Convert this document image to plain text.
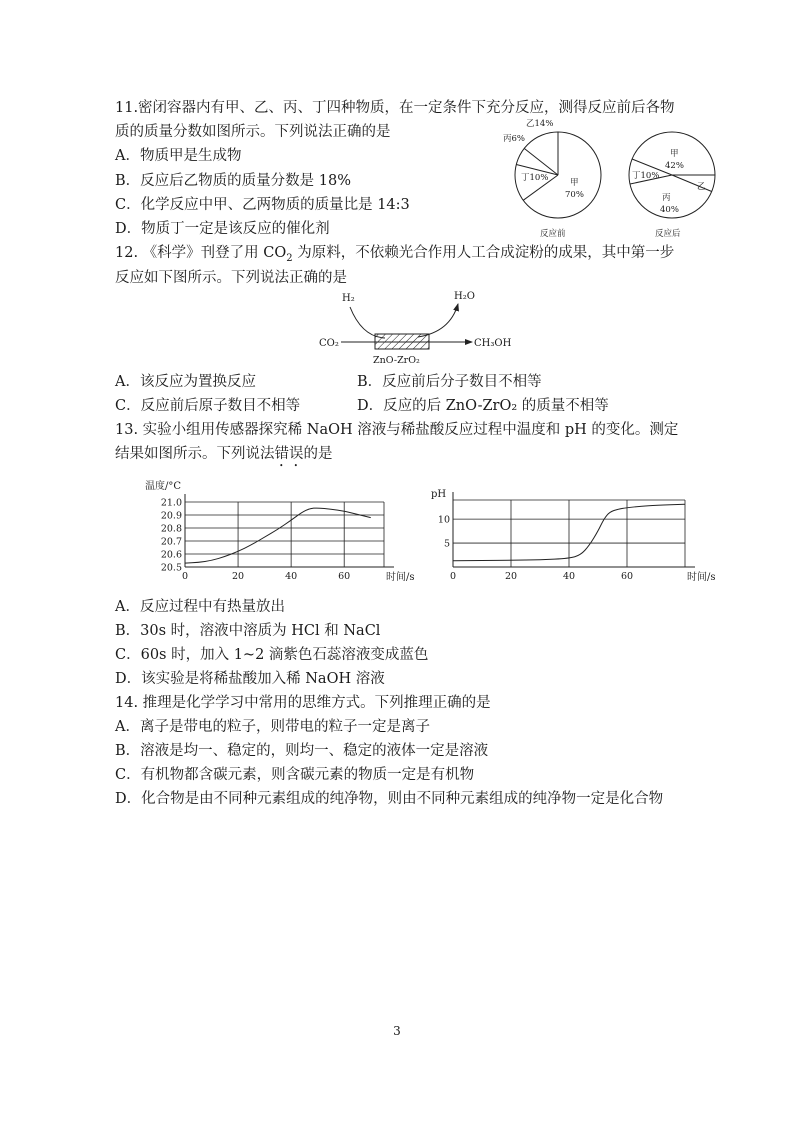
11.密闭容器内有甲、乙、丙、丁四种物质，在一定条件下充分反应，测得反应前后各物
质的质量分数如图所示。下列说法正确的是
A．物质甲是生成物
B．反应后乙物质的质量分数是 18%
C．化学反应中甲、乙两物质的质量比是 14:3
D．物质丁一定是该反应的催化剂
乙14%
丙6%
丁10%	甲
70%
反应前
甲
42%
丁10%
乙
丙
40%
反应后
12. 《科学》刊登了用 $CO_2$ 为原料，不依赖光合作用人工合成淀粉的成果，其中第一步
反应如下图所示。下列说法正确的是
H₂	H₂O
CO₂
ZnO-ZrO₂
CH₃OH
A．该反应为置换反应	B．反应前后分子数目不相等
C．反应前后原子数目不相等	D．反应的后 ZnO-ZrO₂ 的质量不相等
13. 实验小组用传感器探究稀 NaOH 溶液与稀盐酸反应过程中温度和 pH 的变化。测定
结果如图所示。下列说法错误的是
0	20	40	60
20.5
20.6
20.7
20.8
20.9
21.0
温度/°C
时间/s	0	20	40	60
5
10
pH
时间/s
A．反应过程中有热量放出
B．30s 时，溶液中溶质为 HCl 和 NaCl
C．60s 时，加入 1~2 滴紫色石蕊溶液变成蓝色
D．该实验是将稀盐酸加入稀 NaOH 溶液
14. 推理是化学学习中常用的思维方式。下列推理正确的是
A．离子是带电的粒子，则带电的粒子一定是离子
B．溶液是均一、稳定的，则均一、稳定的液体一定是溶液
C．有机物都含碳元素，则含碳元素的物质一定是有机物
D．化合物是由不同种元素组成的纯净物，则由不同种元素组成的纯净物一定是化合物
3
